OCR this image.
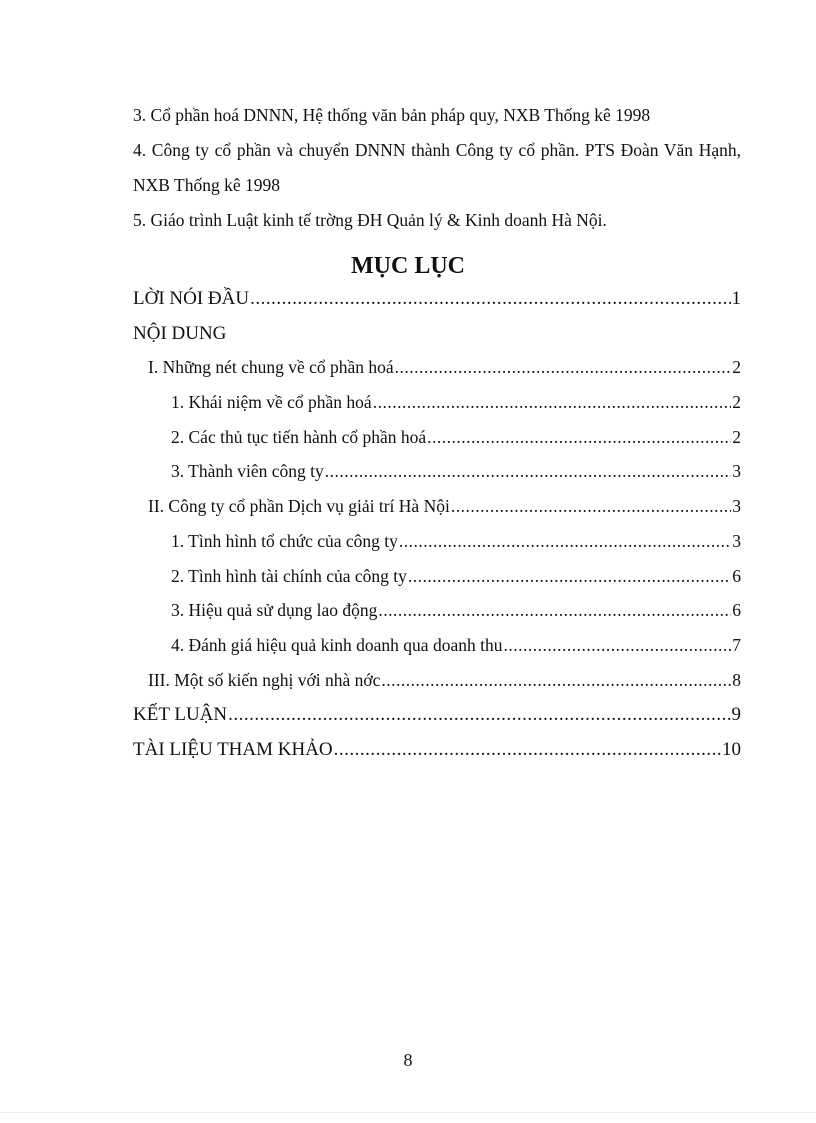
3. Cổ phần hoá DNNN, Hệ thống văn bản pháp quy, NXB Thống kê 1998
4. Công ty cổ phần và chuyển DNNN thành Công ty cổ phần. PTS Đoàn Văn Hạnh, NXB Thống kê 1998
5. Giáo trình Luật kinh tế trờng ĐH Quản lý & Kinh doanh Hà Nội.
MỤC LỤC
LỜI NÓI ĐẦU .....	1
NỘI DUNG
I. Những nét chung về cổ phần hoá .....	2
1. Khái niệm về cổ phần hoá .....	2
2. Các thủ tục tiến hành cổ phần hoá .....	2
3. Thành viên công ty .....	3
II. Công ty cổ phần Dịch vụ giải trí Hà Nội .....	3
1. Tình hình tổ chức của công ty .....	3
2. Tình hình tài chính của công ty .....	6
3. Hiệu quả sử dụng lao động .....	6
4. Đánh giá hiệu quả kinh doanh qua doanh thu .....	7
III. Một số kiến nghị với nhà nớc .....	8
KẾT LUẬN .....	9
TÀI LIỆU THAM KHẢO .....	10
8
